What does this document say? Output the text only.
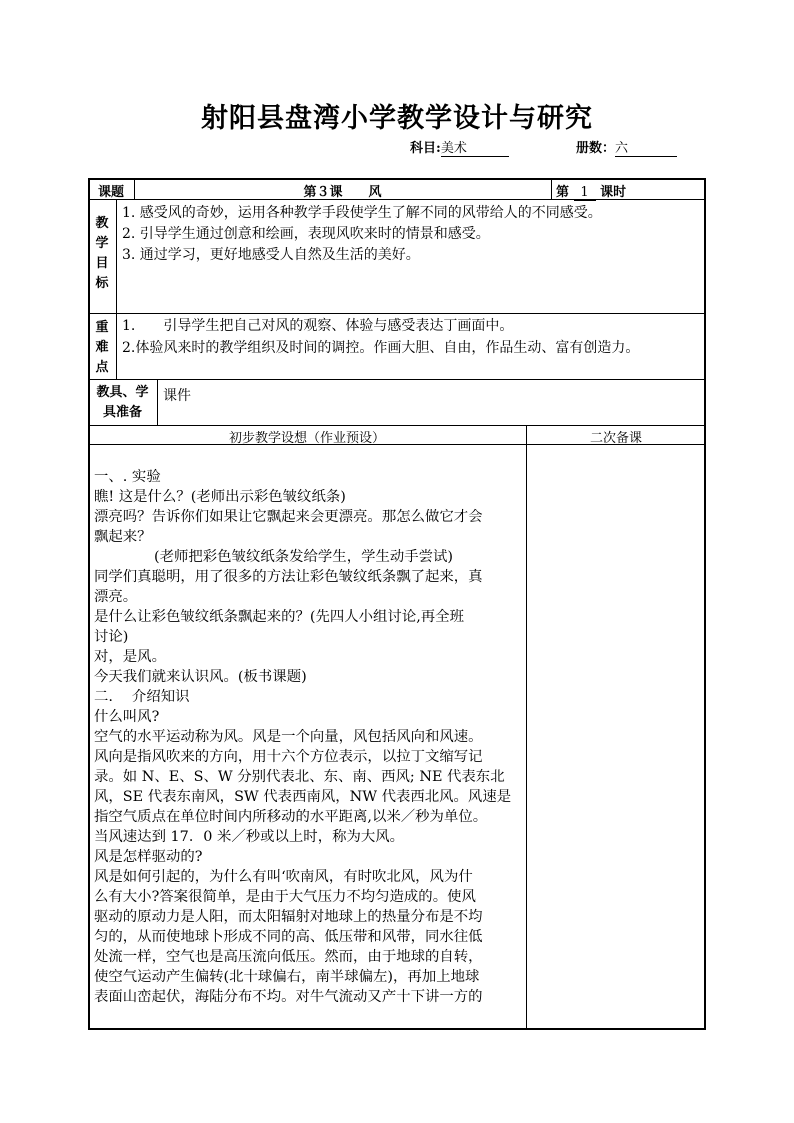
射阳县盘湾小学教学设计与研究
科目:美术	册数：六
课题	第３课　　风	第 1 课时
教
学
目
标
1. 感受风的奇妙，运用各种教学手段使学生了解不同的风带给人的不同感受。
2. 引导学生通过创意和绘画，表现风吹来时的情景和感受。
3. 通过学习，更好地感受人自然及生活的美好。
重
难
点
1.　　引导学生把自己对风的观察、体验与感受表达丁画面中。
2.体验风来时的教学组织及时间的调控。作画大胆、自由，作品生动、富有创造力。
教具、学
具准备
课件
初步教学设想（作业预设）	二次备课
一、. 实验
瞧! 这是什么？(老师出示彩色皱纹纸条)
漂亮吗？告诉你们如果让它飘起来会更漂亮。那怎么做它才会
飘起来？
(老师把彩色皱纹纸条发给学生，学生动手尝试)
同学们真聪明，用了很多的方法让彩色皱纹纸条飘了起来，真
漂亮。
是什么让彩色皱纹纸条飘起来的？(先四人小组讨论,再全班
讨论)
对，是风。
今天我们就来认识风。(板书课题)
二.　 介绍知识
什么叫风?
空气的水平运动称为风。风是一个向量，风包括风向和风速。
风向是指风吹来的方向，用十六个方位表示，以拉丁文缩写记
录。如 N、E、S、W 分别代表北、东、南、西风; NE 代表东北
风，SE 代表东南风，SW 代表西南风，NW 代表西北风。风速是
指空气质点在单位时间内所移动的水平距离,以米／秒为单位。
当风速达到 17．0 米／秒或以上时，称为大风。
风是怎样驱动的?
风是如何引起的，为什么有叫‘吹南风，有时吹北风，风为什
么有大小?答案很简单，是由于大气压力不均匀造成的。使风
驱动的原动力是人阳，而太阳辐射对地球上的热量分布是不均
匀的，从而使地球卜形成不同的高、低压带和风带，同水往低
处流一样，空气也是高压流向低压。然而，由于地球的自转，
使空气运动产生偏转(北十球偏右，南半球偏左)，再加上地球
表面山峦起伏，海陆分布不均。对牛气流动又产十下讲一方的
